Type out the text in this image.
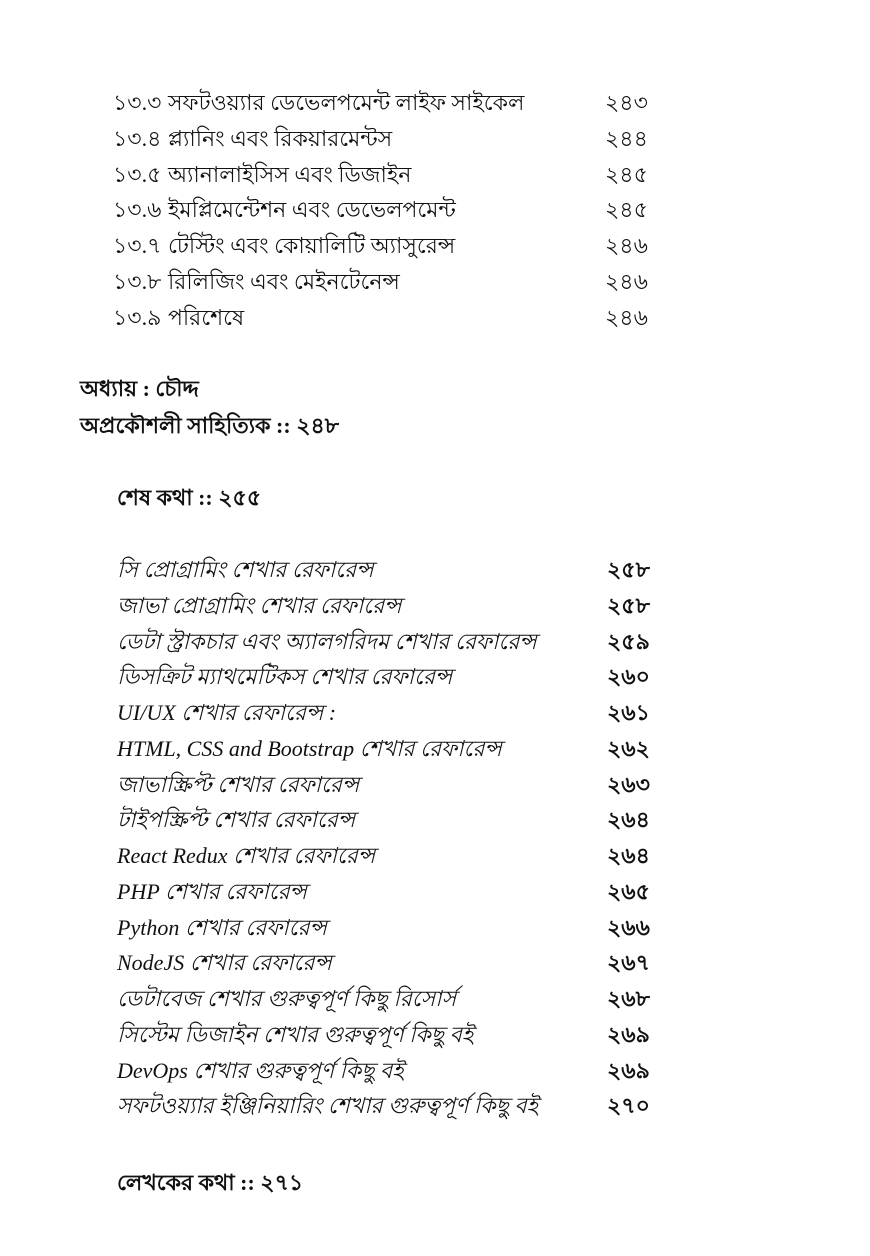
১৩.৩ সফটওয়্যার ডেভেলপমেন্ট লাইফ সাইকেল	২৪৩
১৩.৪ প্ল্যানিং এবং রিকয়ারমেন্টস	২৪৪
১৩.৫ অ্যানালাইসিস এবং ডিজাইন	২৪৫
১৩.৬ ইমপ্লিমেন্টেশন এবং ডেভেলপমেন্ট	২৪৫
১৩.৭ টেস্টিং এবং কোয়ালিটি অ্যাসুরেন্স	২৪৬
১৩.৮ রিলিজিং এবং মেইনটেনেন্স	২৪৬
১৩.৯ পরিশেষে	২৪৬
অধ্যায় : চৌদ্দ
অপ্রকৌশলী সাহিত্যিক :: ২৪৮
শেষ কথা :: ২৫৫
সি প্রোগ্রামিং শেখার রেফারেন্স	২৫৮
জাভা প্রোগ্রামিং শেখার রেফারেন্স	২৫৮
ডেটা স্ট্রাকচার এবং অ্যালগরিদম শেখার রেফারেন্স	২৫৯
ডিসক্রিট ম্যাথমেটিকস শেখার রেফারেন্স	২৬০
UI/UX শেখার রেফারেন্স :	২৬১
HTML, CSS and Bootstrap শেখার রেফারেন্স	২৬২
জাভাস্ক্রিপ্ট শেখার রেফারেন্স	২৬৩
টাইপস্ক্রিপ্ট শেখার রেফারেন্স	২৬৪
React Redux শেখার রেফারেন্স	২৬৪
PHP শেখার রেফারেন্স	২৬৫
Python শেখার রেফারেন্স	২৬৬
NodeJS শেখার রেফারেন্স	২৬৭
ডেটাবেজ শেখার গুরুত্বপূর্ণ কিছু রিসোর্স	২৬৮
সিস্টেম ডিজাইন শেখার গুরুত্বপূর্ণ কিছু বই	২৬৯
DevOps শেখার গুরুত্বপূর্ণ কিছু বই	২৬৯
সফটওয়্যার ইঞ্জিনিয়ারিং শেখার গুরুত্বপূর্ণ কিছু বই	২৭০
লেখকের কথা :: ২৭১
